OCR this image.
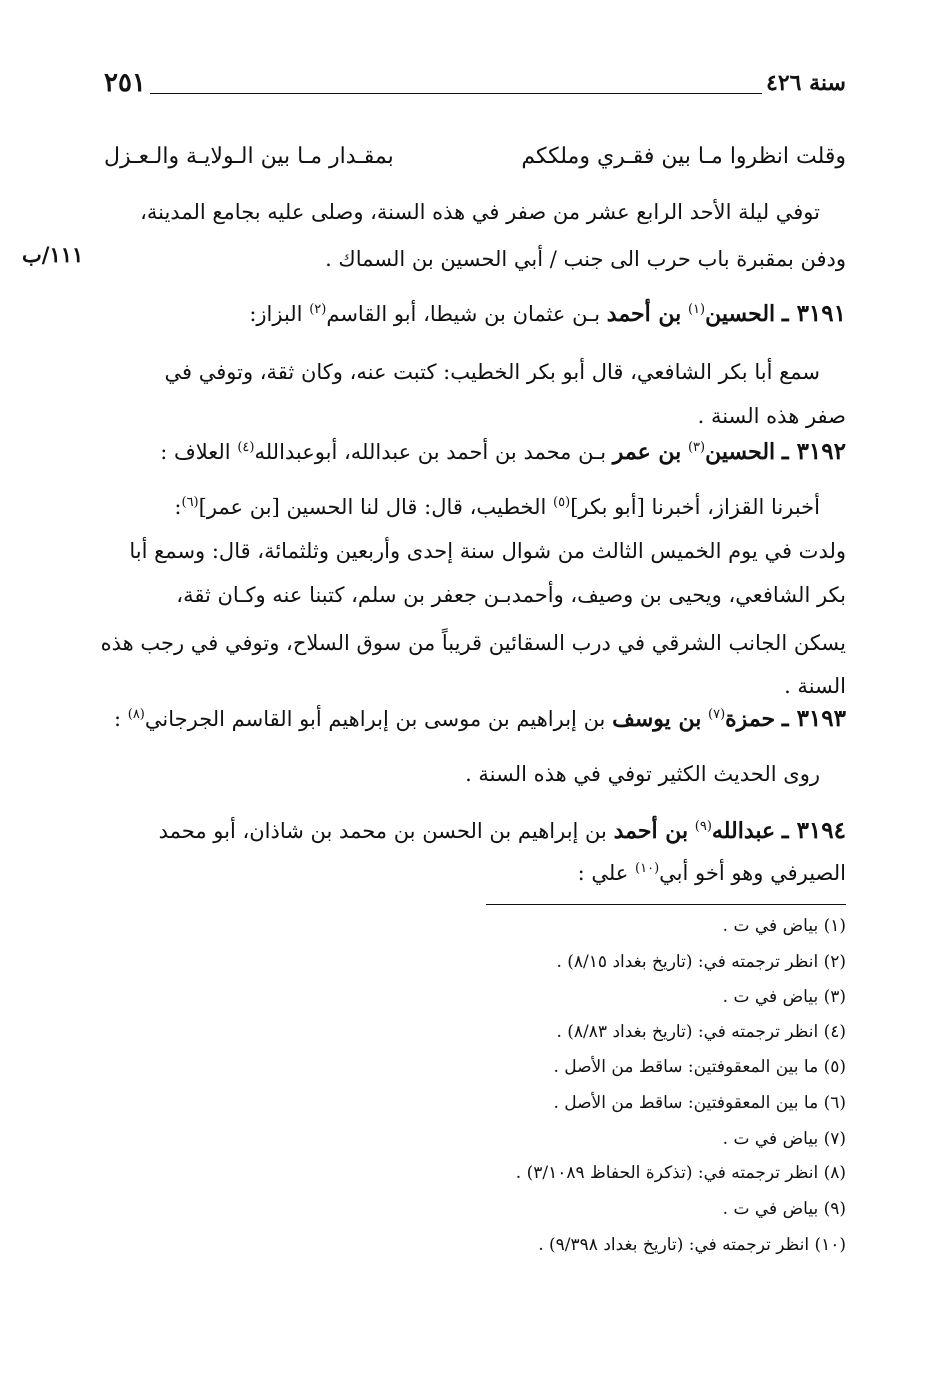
سنة ٤٢٦
٢٥١
وقلت انظروا مـا بين فقـري وملككم
بمقـدار مـا بين الـولايـة والـعـزل
توفي ليلة الأحد الرابع عشر من صفر في هذه السنة، وصلى عليه بجامع المدينة،
ودفن بمقبرة باب حرب الى جنب / أبي الحسين بن السماك .
١١١/ب
٣١٩١ ـ الحسين$^{(١)}$ بن أحمد بـن عثمان بن شيطا، أبو القاسم$^{(٢)}$ البزاز:
سمع أبا بكر الشافعي، قال أبو بكر الخطيب: كتبت عنه، وكان ثقة، وتوفي في
صفر هذه السنة .
٣١٩٢ ـ الحسين$^{(٣)}$ بن عمر بـن محمد بن أحمد بن عبدالله، أبوعبدالله$^{(٤)}$ العلاف :
أخبرنا القزاز، أخبرنا [أبو بكر]$^{(٥)}$ الخطيب، قال: قال لنا الحسين [بن عمر]$^{(٦)}$:
ولدت في يوم الخميس الثالث من شوال سنة إحدى وأربعين وثلثمائة، قال: وسمع أبا
بكر الشافعي، ويحيى بن وصيف، وأحمدبـن جعفر بن سلم، كتبنا عنه وكـان ثقة،
يسكن الجانب الشرقي في درب السقائين قريباً من سوق السلاح، وتوفي في رجب هذه
السنة .
٣١٩٣ ـ حمزة$^{(٧)}$ بن يوسف بن إبراهيم بن موسى بن إبراهيم أبو القاسم الجرجاني$^{(٨)}$ :
روى الحديث الكثير توفي في هذه السنة .
٣١٩٤ ـ عبدالله$^{(٩)}$ بن أحمد بن إبراهيم بن الحسن بن محمد بن شاذان، أبو محمد
الصيرفي وهو أخو أبي$^{(١٠)}$ علي :
(١) بياض في ت .
(٢) انظر ترجمته في: (تاريخ بغداد ٨/١٥) .
(٣) بياض في ت .
(٤) انظر ترجمته في: (تاريخ بغداد ٨/٨٣) .
(٥) ما بين المعقوفتين: ساقط من الأصل .
(٦) ما بين المعقوفتين: ساقط من الأصل .
(٧) بياض في ت .
(٨) انظر ترجمته في: (تذكرة الحفاظ ٣/١٠٨٩) .
(٩) بياض في ت .
(١٠) انظر ترجمته في: (تاريخ بغداد ٩/٣٩٨) .
